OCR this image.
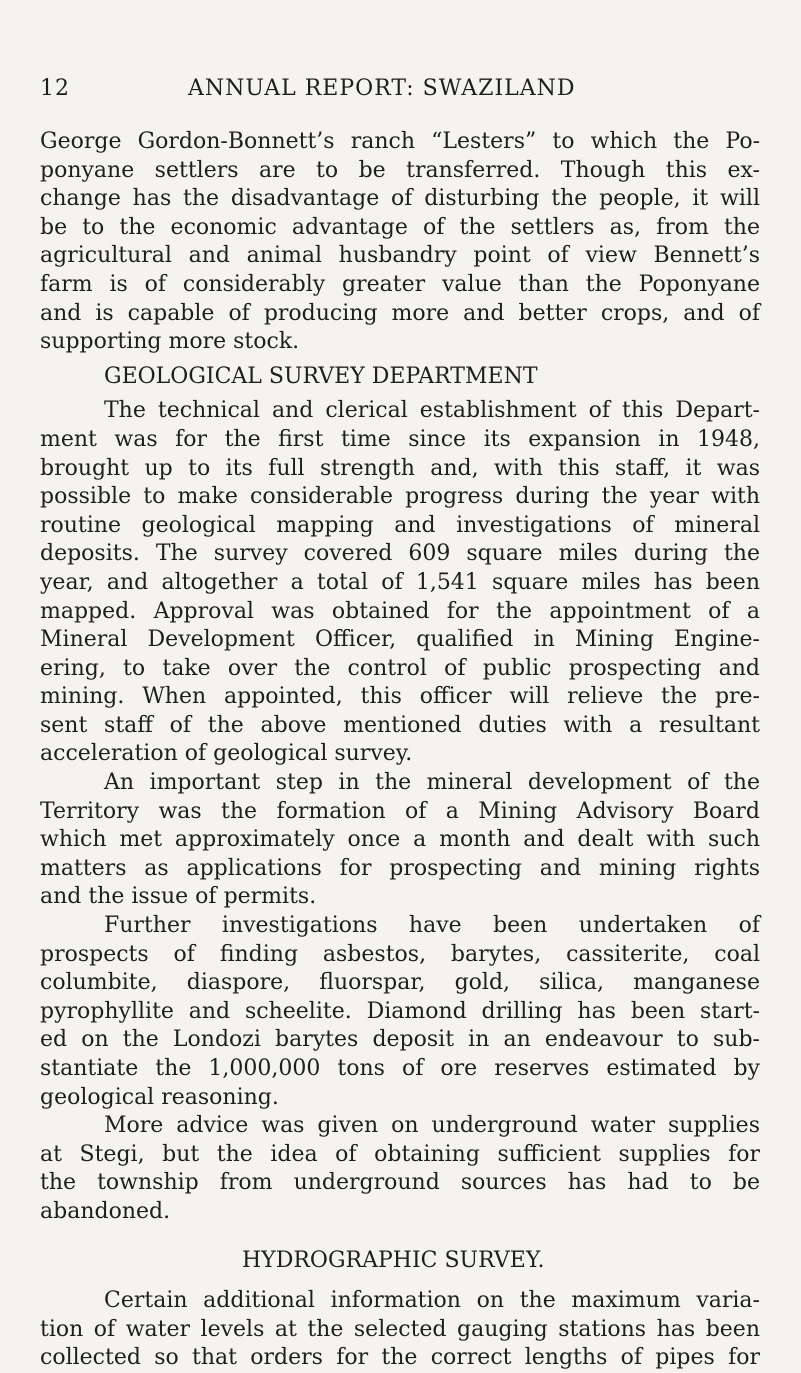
12	ANNUAL REPORT: SWAZILAND
George Gordon-Bonnett’s ranch “Lesters” to which the Po-
ponyane settlers are to be transferred. Though this ex-
change has the disadvantage of disturbing the people, it will
be to the economic advantage of the settlers as, from the
agricultural and animal husbandry point of view Bennett’s
farm is of considerably greater value than the Poponyane
and is capable of producing more and better crops, and of
supporting more stock.
GEOLOGICAL SURVEY DEPARTMENT
The technical and clerical establishment of this Depart-
ment was for the first time since its expansion in 1948,
brought up to its full strength and, with this staff, it was
possible to make considerable progress during the year with
routine geological mapping and investigations of mineral
deposits. The survey covered 609 square miles during the
year, and altogether a total of 1,541 square miles has been
mapped. Approval was obtained for the appointment of a
Mineral Development Officer, qualified in Mining Engine-
ering, to take over the control of public prospecting and
mining. When appointed, this officer will relieve the pre-
sent staff of the above mentioned duties with a resultant
acceleration of geological survey.
An important step in the mineral development of the
Territory was the formation of a Mining Advisory Board
which met approximately once a month and dealt with such
matters as applications for prospecting and mining rights
and the issue of permits.
Further investigations have been undertaken of
prospects of finding asbestos, barytes, cassiterite, coal
columbite, diaspore, fluorspar, gold, silica, manganese
pyrophyllite and scheelite. Diamond drilling has been start-
ed on the Londozi barytes deposit in an endeavour to sub-
stantiate the 1,000,000 tons of ore reserves estimated by
geological reasoning.
More advice was given on underground water supplies
at Stegi, but the idea of obtaining sufficient supplies for
the township from underground sources has had to be
abandoned.
HYDROGRAPHIC SURVEY.
Certain additional information on the maximum varia-
tion of water levels at the selected gauging stations has been
collected so that orders for the correct lengths of pipes for
